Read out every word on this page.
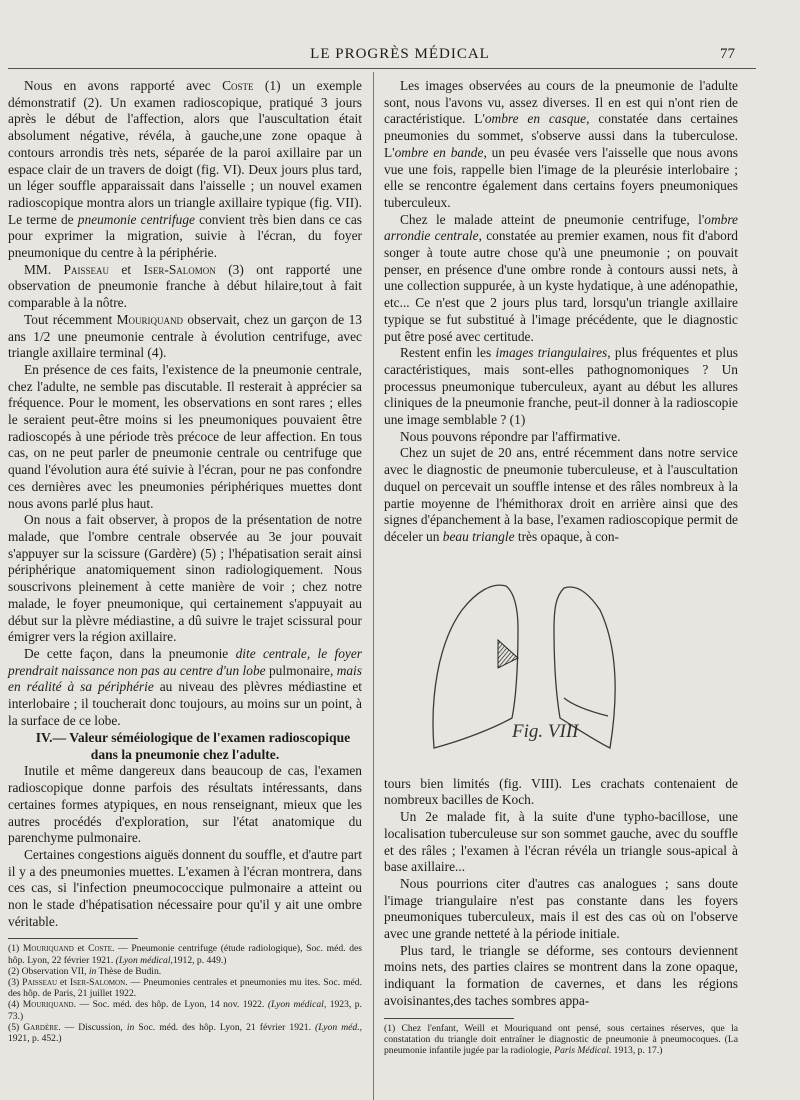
LE PROGRÈS MÉDICAL	77

Nous en avons rapporté avec Coste (1) un exemple démonstratif (2). Un examen radioscopique, pratiqué 3 jours après le début de l'affection, alors que l'auscultation était absolument négative, révéla, à gauche,une zone opaque à contours arrondis très nets, séparée de la paroi axillaire par un espace clair de un travers de doigt (fig. VI). Deux jours plus tard, un léger souffle apparaissait dans l'aisselle ; un nouvel examen radioscopique montra alors un triangle axillaire typique (fig. VII). Le terme de pneumonie centrifuge convient très bien dans ce cas pour exprimer la migration, suivie à l'écran, du foyer pneumonique du centre à la périphérie.

MM. Paisseau et Iser-Salomon (3) ont rapporté une observation de pneumonie franche à début hilaire,tout à fait comparable à la nôtre.

Tout récemment Mouriquand observait, chez un garçon de 13 ans 1/2 une pneumonie centrale à évolution centrifuge, avec triangle axillaire terminal (4).

En présence de ces faits, l'existence de la pneumonie centrale, chez l'adulte, ne semble pas discutable. Il resterait à apprécier sa fréquence. Pour le moment, les observations en sont rares ; elles le seraient peut-être moins si les pneumoniques pouvaient être radioscopés à une période très précoce de leur affection. En tous cas, on ne peut parler de pneumonie centrale ou centrifuge que quand l'évolution aura été suivie à l'écran, pour ne pas confondre ces dernières avec les pneumonies périphériques muettes dont nous avons parlé plus haut.

On nous a fait observer, à propos de la présentation de notre malade, que l'ombre centrale observée au 3e jour pouvait s'appuyer sur la scissure (Gardère) (5) ; l'hépatisation serait ainsi périphérique anatomiquement sinon radiologiquement. Nous souscrivons pleinement à cette manière de voir ; chez notre malade, le foyer pneumonique, qui certainement s'appuyait au début sur la plèvre médiastine, a dû suivre le trajet scissural pour émigrer vers la région axillaire.

De cette façon, dans la pneumonie dite centrale, le foyer prendrait naissance non pas au centre d'un lobe pulmonaire, mais en réalité à sa périphérie au niveau des plèvres médiastine et interlobaire ; il toucherait donc toujours, au moins sur un point, à la surface de ce lobe.

IV.— Valeur séméiologique de l'examen radioscopique dans la pneumonie chez l'adulte.

Inutile et même dangereux dans beaucoup de cas, l'examen radioscopique donne parfois des résultats intéressants, dans certaines formes atypiques, en nous renseignant, mieux que les autres procédés d'exploration, sur l'état anatomique du parenchyme pulmonaire.

Certaines congestions aiguës donnent du souffle, et d'autre part il y a des pneumonies muettes. L'examen à l'écran montrera, dans ces cas, si l'infection pneumococcique pulmonaire a atteint ou non le stade d'hépatisation nécessaire pour qu'il y ait une ombre véritable.

(1) Mouriquand et Coste. — Pneumonie centrifuge (étude radiologique), Soc. méd. des hôp. Lyon, 22 février 1921. (Lyon médical,1912, p. 449.)

(2) Observation VII, in Thèse de Budin.

(3) Paisseau et Iser-Salomon. — Pneumonies centrales et pneumonies mu ites. Soc. méd. des hôp. de Paris, 21 juillet 1922.

(4) Mouriquand. — Soc. méd. des hôp. de Lyon, 14 nov. 1922. (Lyon médical, 1923, p. 73.)

(5) Gardère. — Discussion, in Soc. méd. des hôp. Lyon, 21 février 1921. (Lyon méd., 1921, p. 452.)

Les images observées au cours de la pneumonie de l'adulte sont, nous l'avons vu, assez diverses. Il en est qui n'ont rien de caractéristique. L'ombre en casque, constatée dans certaines pneumonies du sommet, s'observe aussi dans la tuberculose. L'ombre en bande, un peu évasée vers l'aisselle que nous avons vue une fois, rappelle bien l'image de la pleurésie interlobaire ; elle se rencontre également dans certains foyers pneumoniques tuberculeux.

Chez le malade atteint de pneumonie centrifuge, l'ombre arrondie centrale, constatée au premier examen, nous fit d'abord songer à toute autre chose qu'à une pneumonie ; on pouvait penser, en présence d'une ombre ronde à contours aussi nets, à une collection suppurée, à un kyste hydatique, à une adénopathie, etc... Ce n'est que 2 jours plus tard, lorsqu'un triangle axillaire typique se fut substitué à l'image précédente, que le diagnostic put être posé avec certitude.

Restent enfin les images triangulaires, plus fréquentes et plus caractéristiques, mais sont-elles pathognomoniques ? Un processus pneumonique tuberculeux, ayant au début les allures cliniques de la pneumonie franche, peut-il donner à la radioscopie une image semblable ? (1)

Nous pouvons répondre par l'affirmative.

Chez un sujet de 20 ans, entré récemment dans notre service avec le diagnostic de pneumonie tuberculeuse, et à l'auscultation duquel on percevait un souffle intense et des râles nombreux à la partie moyenne de l'hémithorax droit en arrière ainsi que des signes d'épanchement à la base, l'examen radioscopique permit de déceler un beau triangle très opaque, à con-

Fig. VIII

tours bien limités (fig. VIII). Les crachats contenaient de nombreux bacilles de Koch.

Un 2e malade fit, à la suite d'une typho-bacillose, une localisation tuberculeuse sur son sommet gauche, avec du souffle et des râles ; l'examen à l'écran révéla un triangle sous-apical à base axillaire...

Nous pourrions citer d'autres cas analogues ; sans doute l'image triangulaire n'est pas constante dans les foyers pneumoniques tuberculeux, mais il est des cas où on l'observe avec une grande netteté à la période initiale.

Plus tard, le triangle se déforme, ses contours deviennent moins nets, des parties claires se montrent dans la zone opaque, indiquant la formation de cavernes, et dans les régions avoisinantes,des taches sombres appa-

(1) Chez l'enfant, Weill et Mouriquand ont pensé, sous certaines réserves, que la constatation du triangle doit entraîner le diagnostic de pneumonie à pneumocoques. (La pneumonie infantile jugée par la radiologie, Paris Médical. 1913, p. 17.)
